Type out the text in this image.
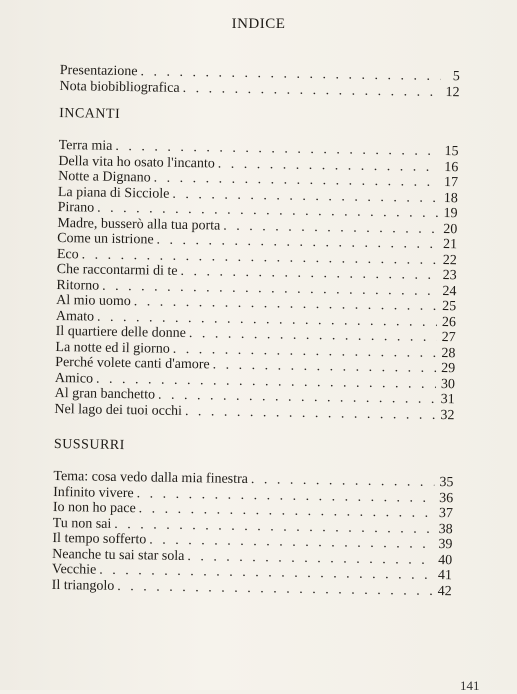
INDICE
Presentazione . . .	5
Nota biobibliografica . . .	12
INCANTI
Terra mia . . .	15
Della vita ho osato l'incanto . . .	16
Notte a Dignano . . .	17
La piana di Sicciole . . .	18
Pirano . . .	19
Madre, busserò alla tua porta . . .	20
Come un istrione . . .	21
Eco . . .	22
Che raccontarmi di te . . .	23
Ritorno . . .	24
Al mio uomo . . .	25
Amato . . .	26
Il quartiere delle donne . . .	27
La notte ed il giorno . . .	28
Perché volete canti d'amore . . .	29
Amico . . .	30
Al gran banchetto . . .	31
Nel lago dei tuoi occhi . . .	32
SUSSURRI
Tema: cosa vedo dalla mia finestra . . .	35
Infinito vivere . . .	36
Io non ho pace . . .	37
Tu non sai . . .	38
Il tempo sofferto . . .	39
Neanche tu sai star sola . . .	40
Vecchie . . .	41
Il triangolo . . .	42
141
